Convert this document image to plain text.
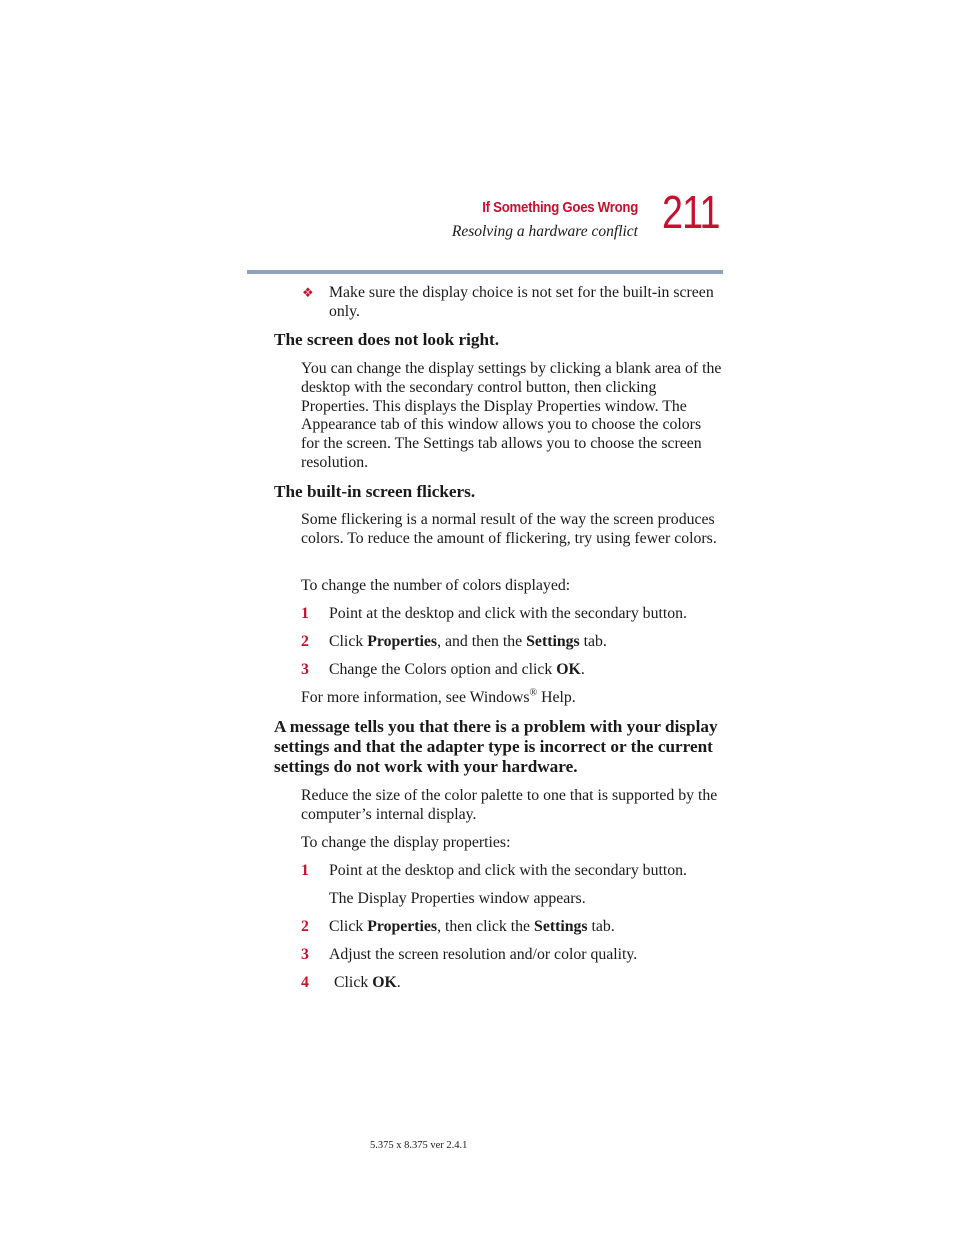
If Something Goes Wrong
Resolving a hardware conflict 211
❖ Make sure the display choice is not set for the built-in screen only.
The screen does not look right.
You can change the display settings by clicking a blank area of the desktop with the secondary control button, then clicking Properties. This displays the Display Properties window. The Appearance tab of this window allows you to choose the colors for the screen. The Settings tab allows you to choose the screen resolution.
The built-in screen flickers.
Some flickering is a normal result of the way the screen produces colors. To reduce the amount of flickering, try using fewer colors.
To change the number of colors displayed:
1 Point at the desktop and click with the secondary button.
2 Click Properties, and then the Settings tab.
3 Change the Colors option and click OK.
For more information, see Windows® Help.
A message tells you that there is a problem with your display settings and that the adapter type is incorrect or the current settings do not work with your hardware.
Reduce the size of the color palette to one that is supported by the computer’s internal display.
To change the display properties:
1 Point at the desktop and click with the secondary button.
The Display Properties window appears.
2 Click Properties, then click the Settings tab.
3 Adjust the screen resolution and/or color quality.
4 Click OK.
5.375 x 8.375 ver 2.4.1
